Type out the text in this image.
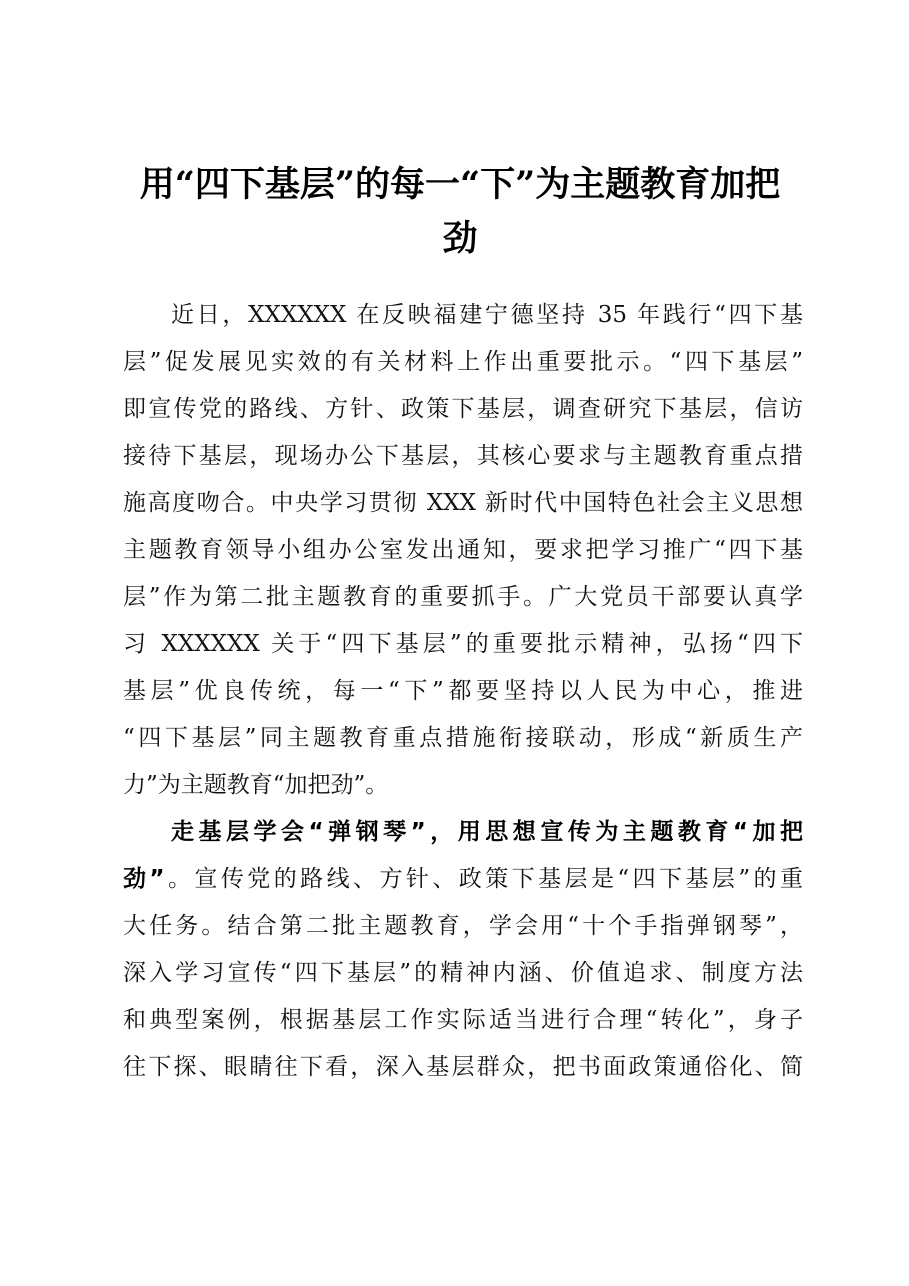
用“四下基层”的每一“下”为主题教育加把
劲
近日，XXXXXX 在反映福建宁德坚持 35 年践行“四下基
层”促发展见实效的有关材料上作出重要批示。“四下基层”
即宣传党的路线、方针、政策下基层，调查研究下基层，信访
接待下基层，现场办公下基层，其核心要求与主题教育重点措
施高度吻合。中央学习贯彻 XXX 新时代中国特色社会主义思想
主题教育领导小组办公室发出通知，要求把学习推广“四下基
层”作为第二批主题教育的重要抓手。广大党员干部要认真学
习 XXXXXX 关于“四下基层”的重要批示精神，弘扬“四下
基层”优良传统，每一“下”都要坚持以人民为中心，推进
“四下基层”同主题教育重点措施衔接联动，形成“新质生产
力”为主题教育“加把劲”。
走基层学会“弹钢琴”，用思想宣传为主题教育“加把
劲”。宣传党的路线、方针、政策下基层是“四下基层”的重
大任务。结合第二批主题教育，学会用“十个手指弹钢琴”，
深入学习宣传“四下基层”的精神内涵、价值追求、制度方法
和典型案例，根据基层工作实际适当进行合理“转化”，身子
往下探、眼睛往下看，深入基层群众，把书面政策通俗化、简
